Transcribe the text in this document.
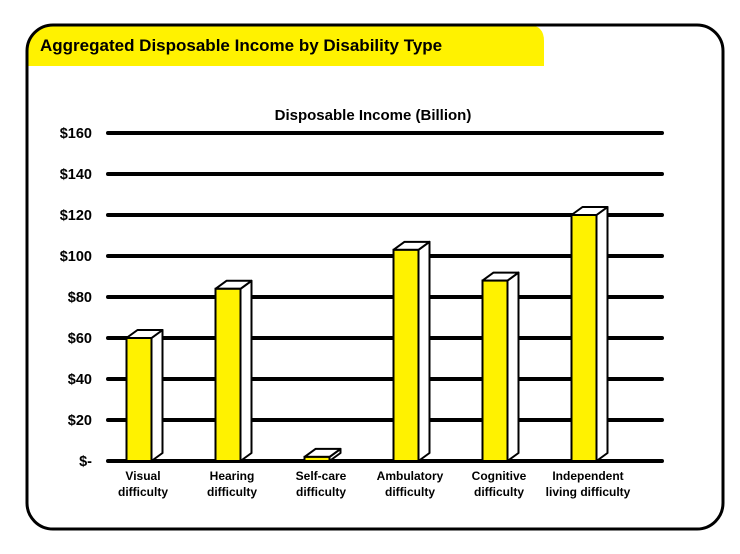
Aggregated Disposable Income by Disability Type
Disposable Income (Billion)
$-
$20
$40
$60
$80
$100
$120
$140
$160
Visual
difficulty
Hearing
difficulty
Self-care
difficulty
Ambulatory
difficulty
Cognitive
difficulty
Independent
living difficulty
